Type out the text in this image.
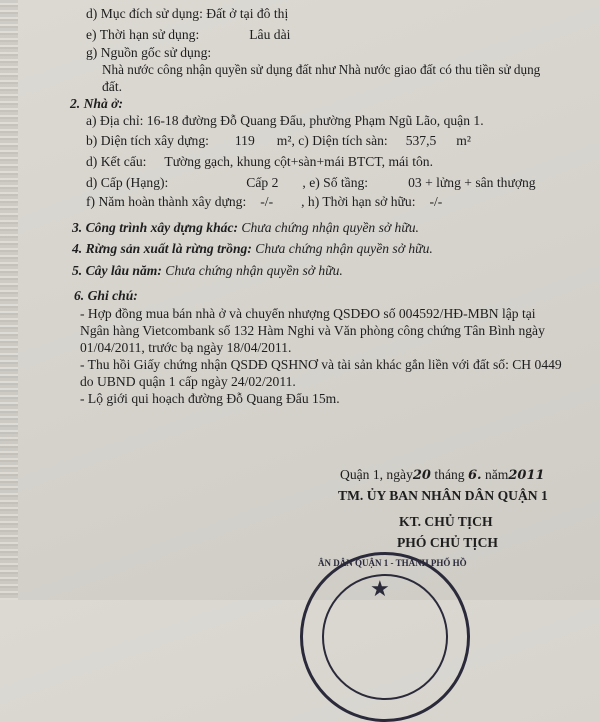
d) Mục đích sử dụng: Đất ở tại đô thị
e) Thời hạn sử dụng:	Lâu dài
g) Nguồn gốc sử dụng:
Nhà nước công nhận quyền sử dụng đất như Nhà nước giao đất có thu tiền sử dụng
đất.
2. Nhà ở:
a) Địa chỉ: 16-18 đường Đỗ Quang Đẩu, phường Phạm Ngũ Lão, quận 1.
b) Diện tích xây dựng: 119 m², c) Diện tích sàn: 537,5 m²
d) Kết cấu: Tường gạch, khung cột+sàn+mái BTCT, mái tôn.
d) Cấp (Hạng):	Cấp 2 , e) Số tầng:	03 + lửng + sân thượng
f) Năm hoàn thành xây dựng: -/- , h) Thời hạn sở hữu: -/-
3. Công trình xây dựng khác: Chưa chứng nhận quyền sở hữu.
4. Rừng sản xuất là rừng trồng: Chưa chứng nhận quyền sở hữu.
5. Cây lâu năm: Chưa chứng nhận quyền sở hữu.
6. Ghi chú:
- Hợp đồng mua bán nhà ở và chuyển nhượng QSDĐO số 004592/HĐ-MBN lập tại
Ngân hàng Vietcombank số 132 Hàm Nghi và Văn phòng công chứng Tân Bình ngày
01/04/2011, trước bạ ngày 18/04/2011.
- Thu hồi Giấy chứng nhận QSDĐ QSHNƠ và tài sản khác gắn liền với đất số: CH 0449
do UBND quận 1 cấp ngày 24/02/2011.
- Lộ giới qui hoạch đường Đỗ Quang Đẩu 15m.
Quận 1, ngày20 tháng 6. năm2011
TM. ỦY BAN NHÂN DÂN QUẬN 1
KT. CHỦ TỊCH
PHÓ CHỦ TỊCH
ÂN DÂN QUẬN 1 - THÀNH PHỐ HỒ
★
